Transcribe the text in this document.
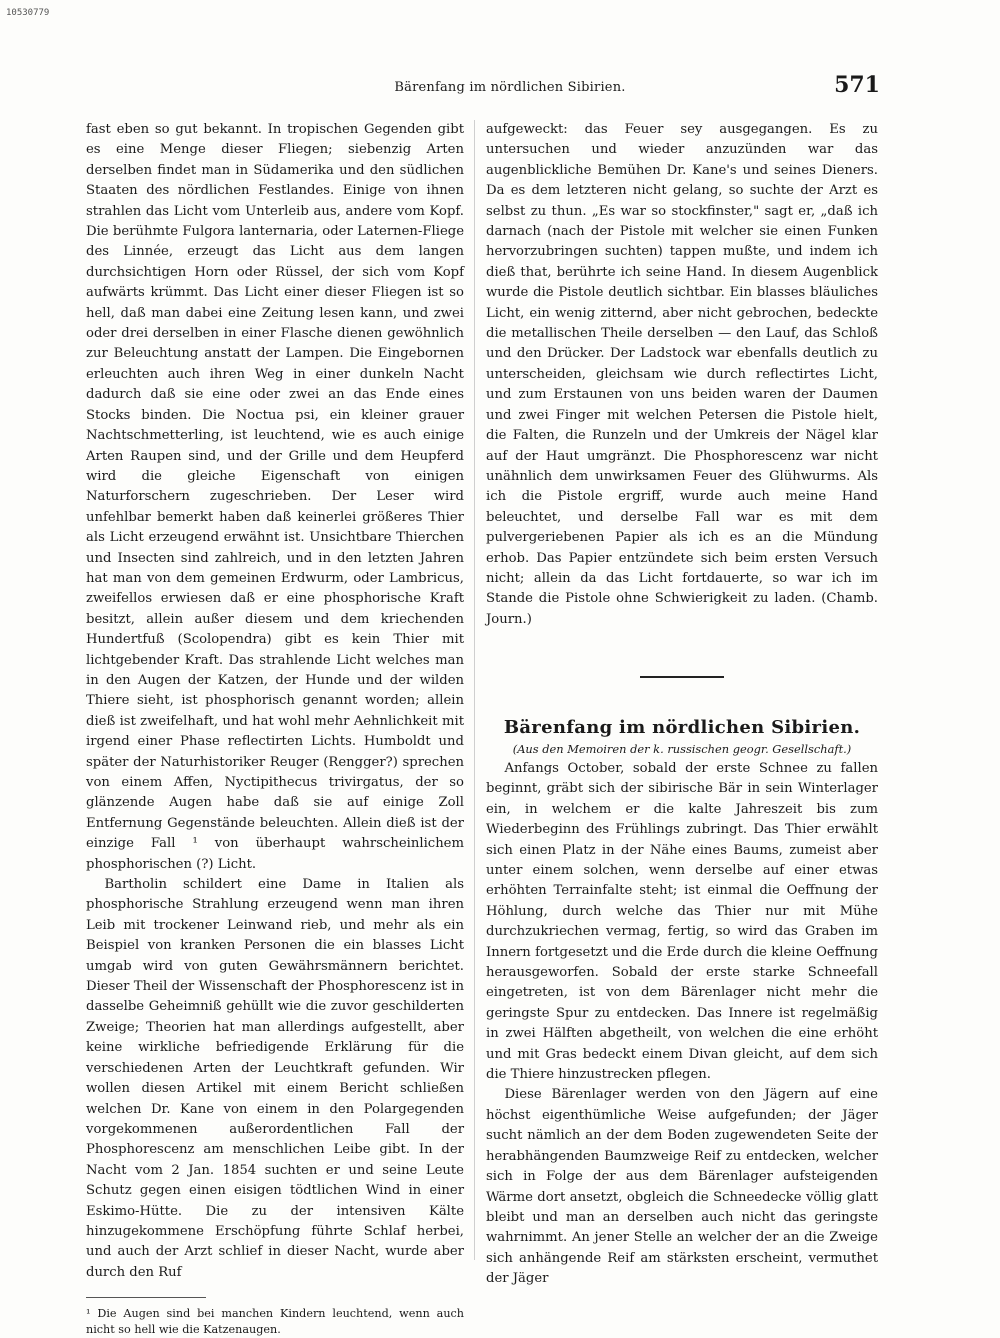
10530779
Bärenfang im nördlichen Sibirien.	571

fast eben so gut bekannt. In tropischen Gegenden gibt es eine Menge dieser Fliegen; siebenzig Arten derselben findet man in Südamerika und den südlichen Staaten des nördlichen Festlandes. Einige von ihnen strahlen das Licht vom Unterleib aus, andere vom Kopf. Die berühmte Fulgora lanternaria, oder Laternen-Fliege des Linnée, erzeugt das Licht aus dem langen durchsichtigen Horn oder Rüssel, der sich vom Kopf aufwärts krümmt. Das Licht einer dieser Fliegen ist so hell, daß man dabei eine Zeitung lesen kann, und zwei oder drei derselben in einer Flasche dienen gewöhnlich zur Beleuchtung anstatt der Lampen. Die Eingebornen erleuchten auch ihren Weg in einer dunkeln Nacht dadurch daß sie eine oder zwei an das Ende eines Stocks binden. Die Noctua psi, ein kleiner grauer Nachtschmetterling, ist leuchtend, wie es auch einige Arten Raupen sind, und der Grille und dem Heupferd wird die gleiche Eigenschaft von einigen Naturforschern zugeschrieben. Der Leser wird unfehlbar bemerkt haben daß keinerlei größeres Thier als Licht erzeugend erwähnt ist. Unsichtbare Thierchen und Insecten sind zahlreich, und in den letzten Jahren hat man von dem gemeinen Erdwurm, oder Lambricus, zweifellos erwiesen daß er eine phosphorische Kraft besitzt, allein außer diesem und dem kriechenden Hundertfuß (Scolopendra) gibt es kein Thier mit lichtgebender Kraft. Das strahlende Licht welches man in den Augen der Katzen, der Hunde und der wilden Thiere sieht, ist phosphorisch genannt worden; allein dieß ist zweifelhaft, und hat wohl mehr Aehnlichkeit mit irgend einer Phase reflectirten Lichts. Humboldt und später der Naturhistoriker Reuger (Rengger?) sprechen von einem Affen, Nyctipithecus trivirgatus, der so glänzende Augen habe daß sie auf einige Zoll Entfernung Gegenstände beleuchten. Allein dieß ist der einzige Fall ¹ von überhaupt wahrscheinlichem phosphorischen (?) Licht.

Bartholin schildert eine Dame in Italien als phosphorische Strahlung erzeugend wenn man ihren Leib mit trockener Leinwand rieb, und mehr als ein Beispiel von kranken Personen die ein blasses Licht umgab wird von guten Gewährsmännern berichtet. Dieser Theil der Wissenschaft der Phosphorescenz ist in dasselbe Geheimniß gehüllt wie die zuvor geschilderten Zweige; Theorien hat man allerdings aufgestellt, aber keine wirkliche befriedigende Erklärung für die verschiedenen Arten der Leuchtkraft gefunden. Wir wollen diesen Artikel mit einem Bericht schließen welchen Dr. Kane von einem in den Polargegenden vorgekommenen außerordentlichen Fall der Phosphorescenz am menschlichen Leibe gibt. In der Nacht vom 2 Jan. 1854 suchten er und seine Leute Schutz gegen einen eisigen tödtlichen Wind in einer Eskimo-Hütte. Die zu der intensiven Kälte hinzugekommene Erschöpfung führte Schlaf herbei, und auch der Arzt schlief in dieser Nacht, wurde aber durch den Ruf

¹ Die Augen sind bei manchen Kindern leuchtend, wenn auch nicht so hell wie die Katzenaugen.

aufgeweckt: das Feuer sey ausgegangen. Es zu untersuchen und wieder anzuzünden war das augenblickliche Bemühen Dr. Kane's und seines Dieners. Da es dem letzteren nicht gelang, so suchte der Arzt es selbst zu thun. „Es war so stockfinster," sagt er, „daß ich darnach (nach der Pistole mit welcher sie einen Funken hervorzubringen suchten) tappen mußte, und indem ich dieß that, berührte ich seine Hand. In diesem Augenblick wurde die Pistole deutlich sichtbar. Ein blasses bläuliches Licht, ein wenig zitternd, aber nicht gebrochen, bedeckte die metallischen Theile derselben — den Lauf, das Schloß und den Drücker. Der Ladstock war ebenfalls deutlich zu unterscheiden, gleichsam wie durch reflectirtes Licht, und zum Erstaunen von uns beiden waren der Daumen und zwei Finger mit welchen Petersen die Pistole hielt, die Falten, die Runzeln und der Umkreis der Nägel klar auf der Haut umgränzt. Die Phosphorescenz war nicht unähnlich dem unwirksamen Feuer des Glühwurms. Als ich die Pistole ergriff, wurde auch meine Hand beleuchtet, und derselbe Fall war es mit dem pulvergeriebenen Papier als ich es an die Mündung erhob. Das Papier entzündete sich beim ersten Versuch nicht; allein da das Licht fortdauerte, so war ich im Stande die Pistole ohne Schwierigkeit zu laden. (Chamb. Journ.)

Bärenfang im nördlichen Sibirien.

(Aus den Memoiren der k. russischen geogr. Gesellschaft.)

Anfangs October, sobald der erste Schnee zu fallen beginnt, gräbt sich der sibirische Bär in sein Winterlager ein, in welchem er die kalte Jahreszeit bis zum Wiederbeginn des Frühlings zubringt. Das Thier erwählt sich einen Platz in der Nähe eines Baums, zumeist aber unter einem solchen, wenn derselbe auf einer etwas erhöhten Terrainfalte steht; ist einmal die Oeffnung der Höhlung, durch welche das Thier nur mit Mühe durchzukriechen vermag, fertig, so wird das Graben im Innern fortgesetzt und die Erde durch die kleine Oeffnung herausgeworfen. Sobald der erste starke Schneefall eingetreten, ist von dem Bärenlager nicht mehr die geringste Spur zu entdecken. Das Innere ist regelmäßig in zwei Hälften abgetheilt, von welchen die eine erhöht und mit Gras bedeckt einem Divan gleicht, auf dem sich die Thiere hinzustrecken pflegen.

Diese Bärenlager werden von den Jägern auf eine höchst eigenthümliche Weise aufgefunden; der Jäger sucht nämlich an der dem Boden zugewendeten Seite der herabhängenden Baumzweige Reif zu entdecken, welcher sich in Folge der aus dem Bärenlager aufsteigenden Wärme dort ansetzt, obgleich die Schneedecke völlig glatt bleibt und man an derselben auch nicht das geringste wahrnimmt. An jener Stelle an welcher der an die Zweige sich anhängende Reif am stärksten erscheint, vermuthet der Jäger
